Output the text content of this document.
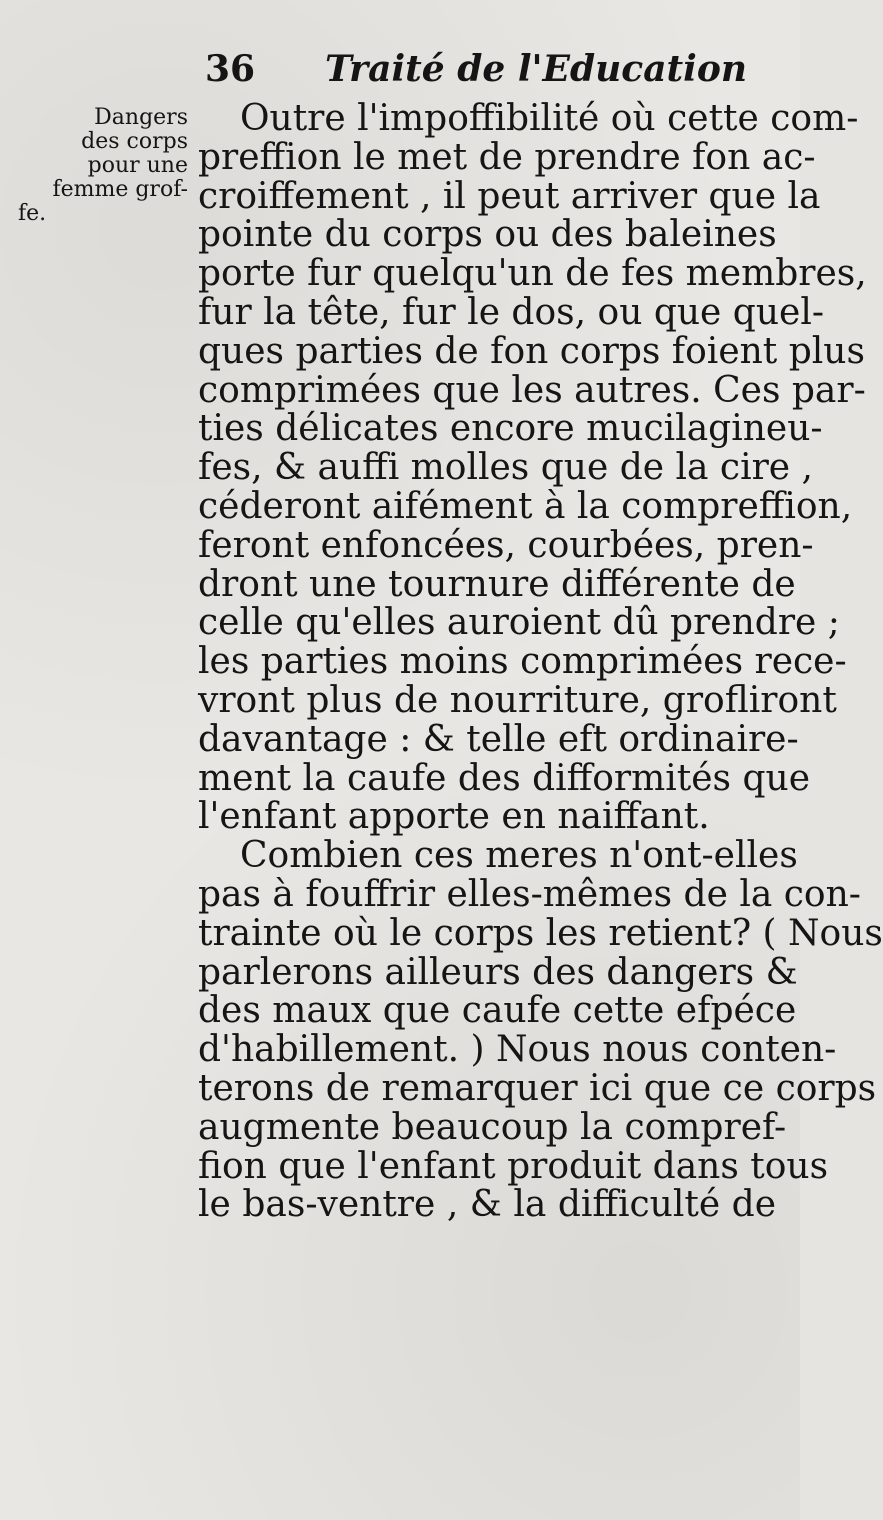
36 Traité de l'Education
Dangers
des corps
pour une
femme grof-
fe.
Outre l'impoffibilité où cette com-
preffion le met de prendre fon ac-
croiffement , il peut arriver que la
pointe du corps ou des baleines
porte fur quelqu'un de fes membres,
fur la tête, fur le dos, ou que quel-
ques parties de fon corps foient plus
comprimées que les autres. Ces par-
ties délicates encore mucilagineu-
fes, & auffi molles que de la cire ,
céderont aifément à la compreffion,
feront enfoncées, courbées, pren-
dront une tournure différente de
celle qu'elles auroient dû prendre ;
les parties moins comprimées rece-
vront plus de nourriture, grofliront
davantage : & telle eft ordinaire-
ment la caufe des difformités que
l'enfant apporte en naiffant.
Combien ces meres n'ont-elles
pas à fouffrir elles-mêmes de la con-
trainte où le corps les retient? ( Nous
parlerons ailleurs des dangers &
des maux que caufe cette efpéce
d'habillement. ) Nous nous conten-
terons de remarquer ici que ce corps
augmente beaucoup la compref-
fion que l'enfant produit dans tous
le bas-ventre , & la difficulté de
